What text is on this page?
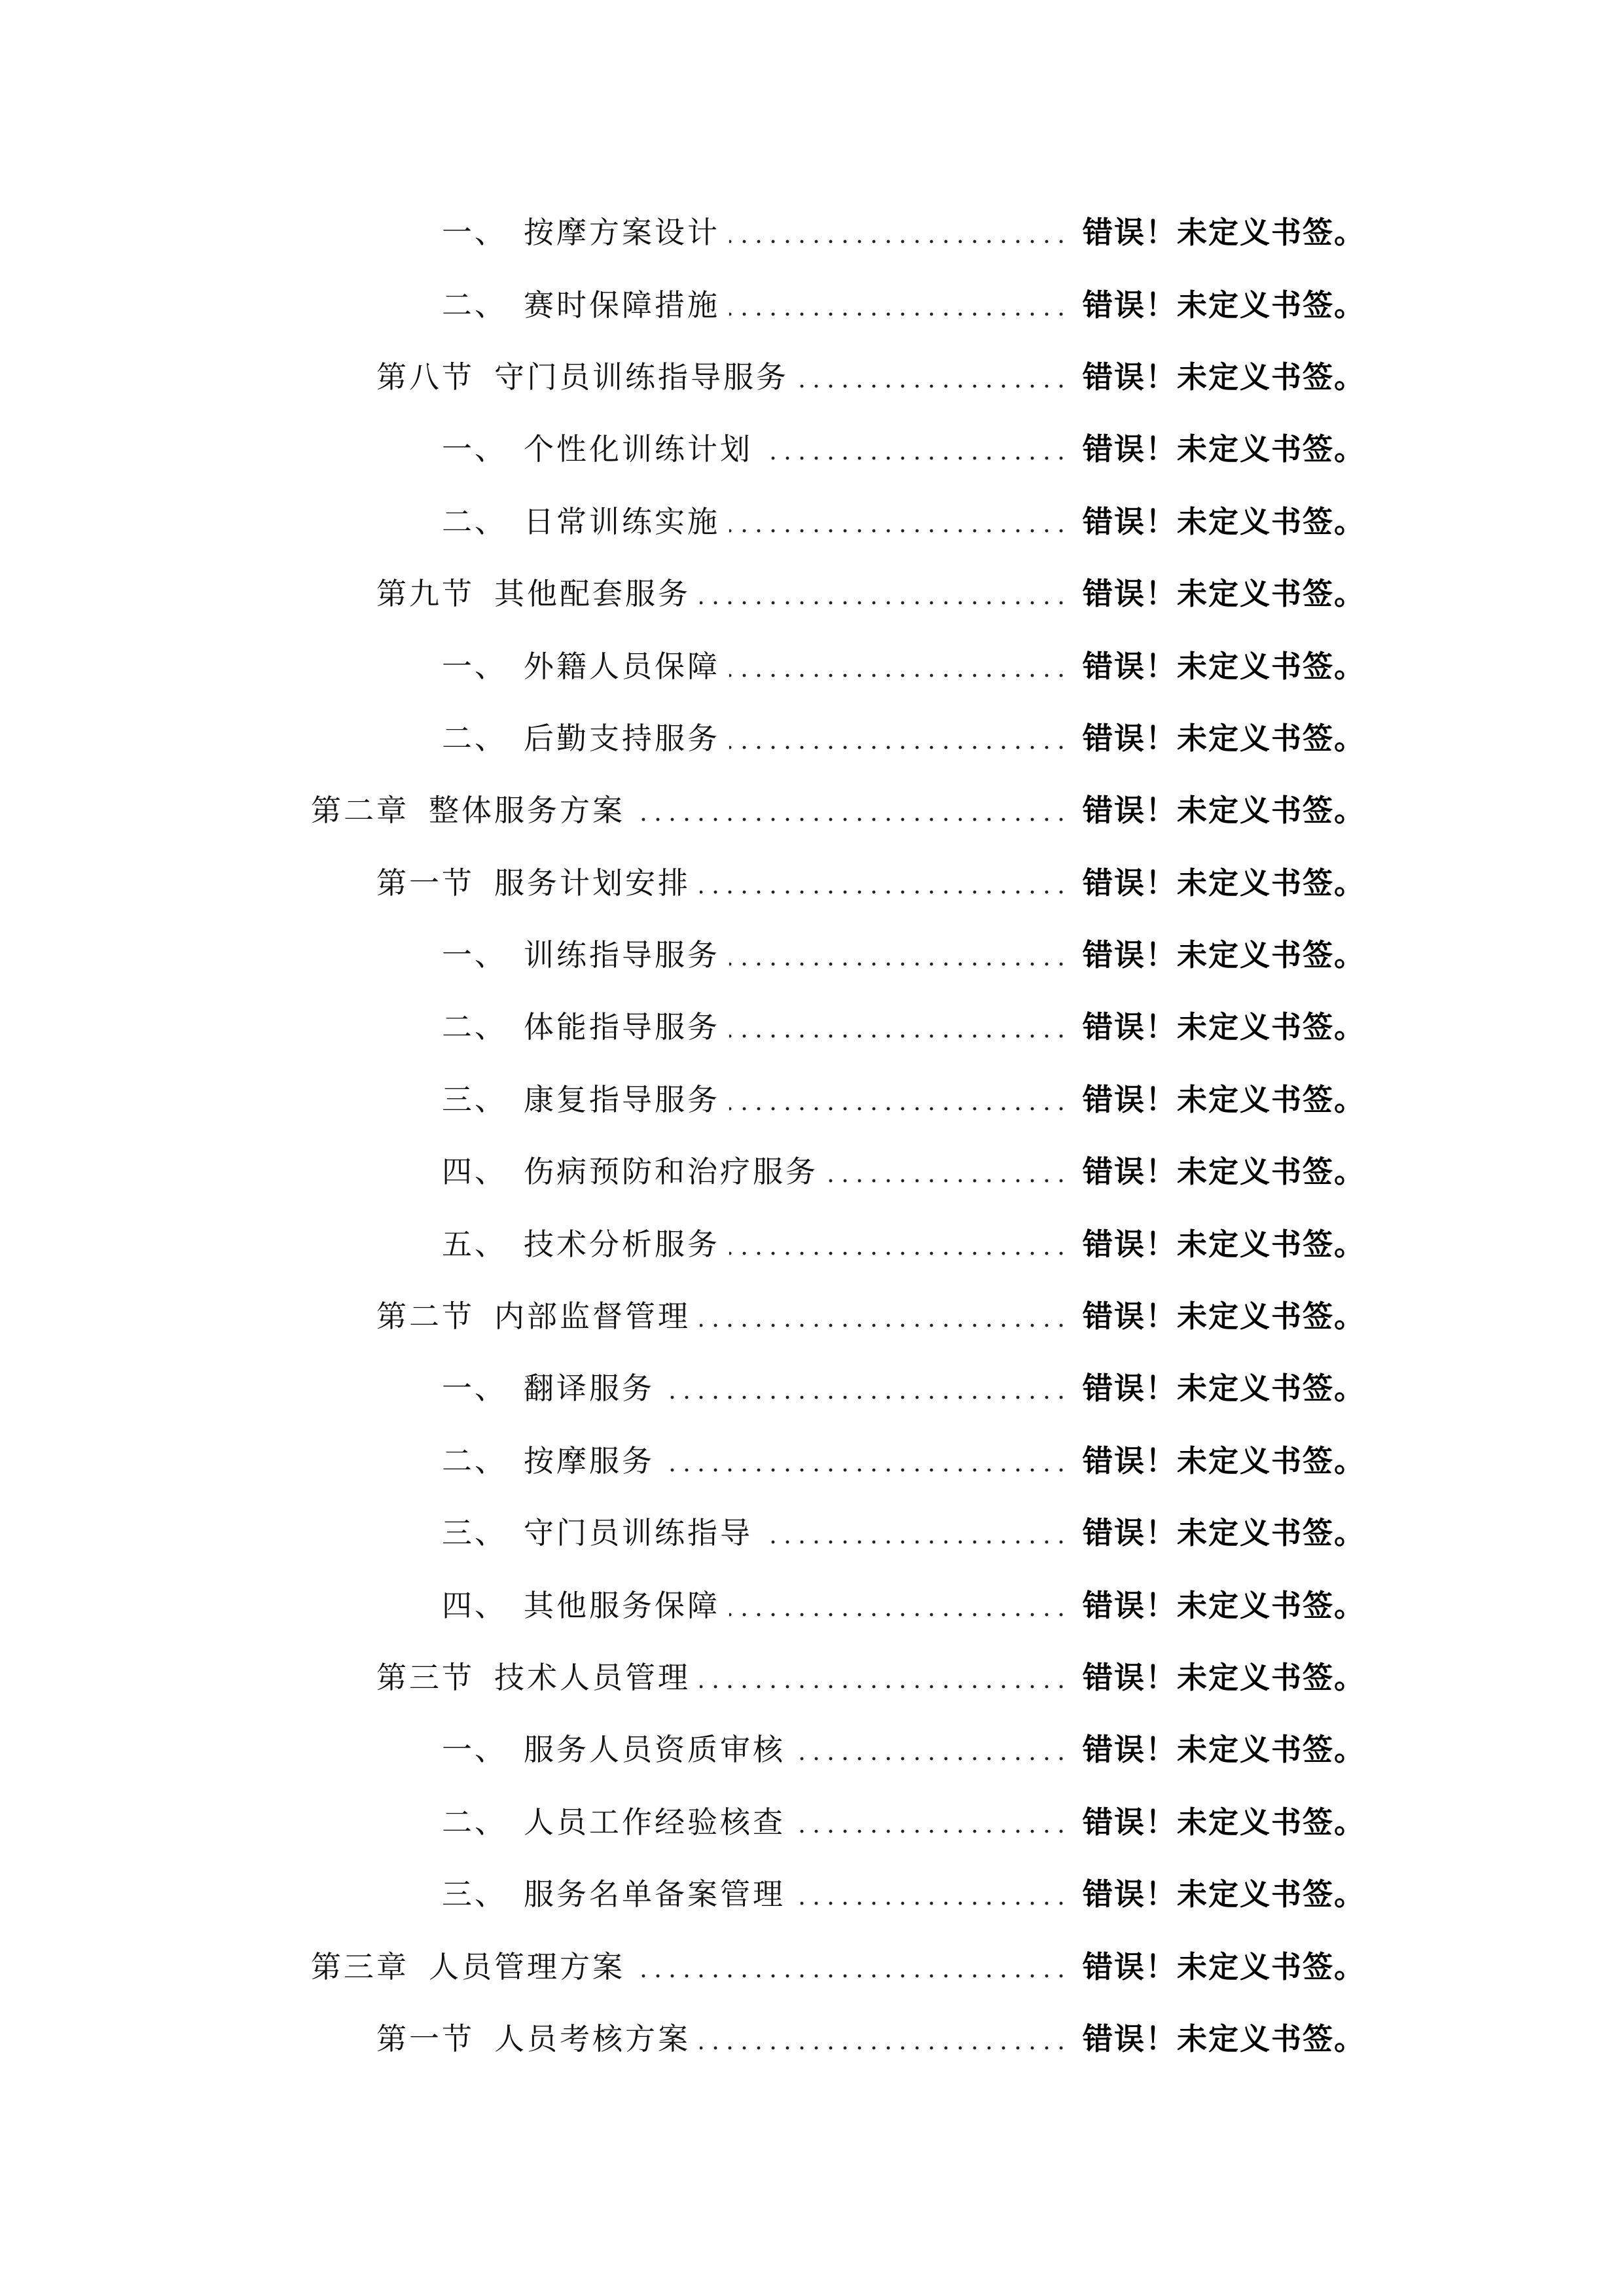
一、 按摩方案设计	错误！未定义书签。
二、 赛时保障措施	错误！未定义书签。
第八节 守门员训练指导服务	错误！未定义书签。
一、 个性化训练计划	错误！未定义书签。
二、 日常训练实施	错误！未定义书签。
第九节 其他配套服务	错误！未定义书签。
一、 外籍人员保障	错误！未定义书签。
二、 后勤支持服务	错误！未定义书签。
第二章 整体服务方案	错误！未定义书签。
第一节 服务计划安排	错误！未定义书签。
一、 训练指导服务	错误！未定义书签。
二、 体能指导服务	错误！未定义书签。
三、 康复指导服务	错误！未定义书签。
四、 伤病预防和治疗服务	错误！未定义书签。
五、 技术分析服务	错误！未定义书签。
第二节 内部监督管理	错误！未定义书签。
一、 翻译服务	错误！未定义书签。
二、 按摩服务	错误！未定义书签。
三、 守门员训练指导	错误！未定义书签。
四、 其他服务保障	错误！未定义书签。
第三节 技术人员管理	错误！未定义书签。
一、 服务人员资质审核	错误！未定义书签。
二、 人员工作经验核查	错误！未定义书签。
三、 服务名单备案管理	错误！未定义书签。
第三章 人员管理方案	错误！未定义书签。
第一节 人员考核方案	错误！未定义书签。
